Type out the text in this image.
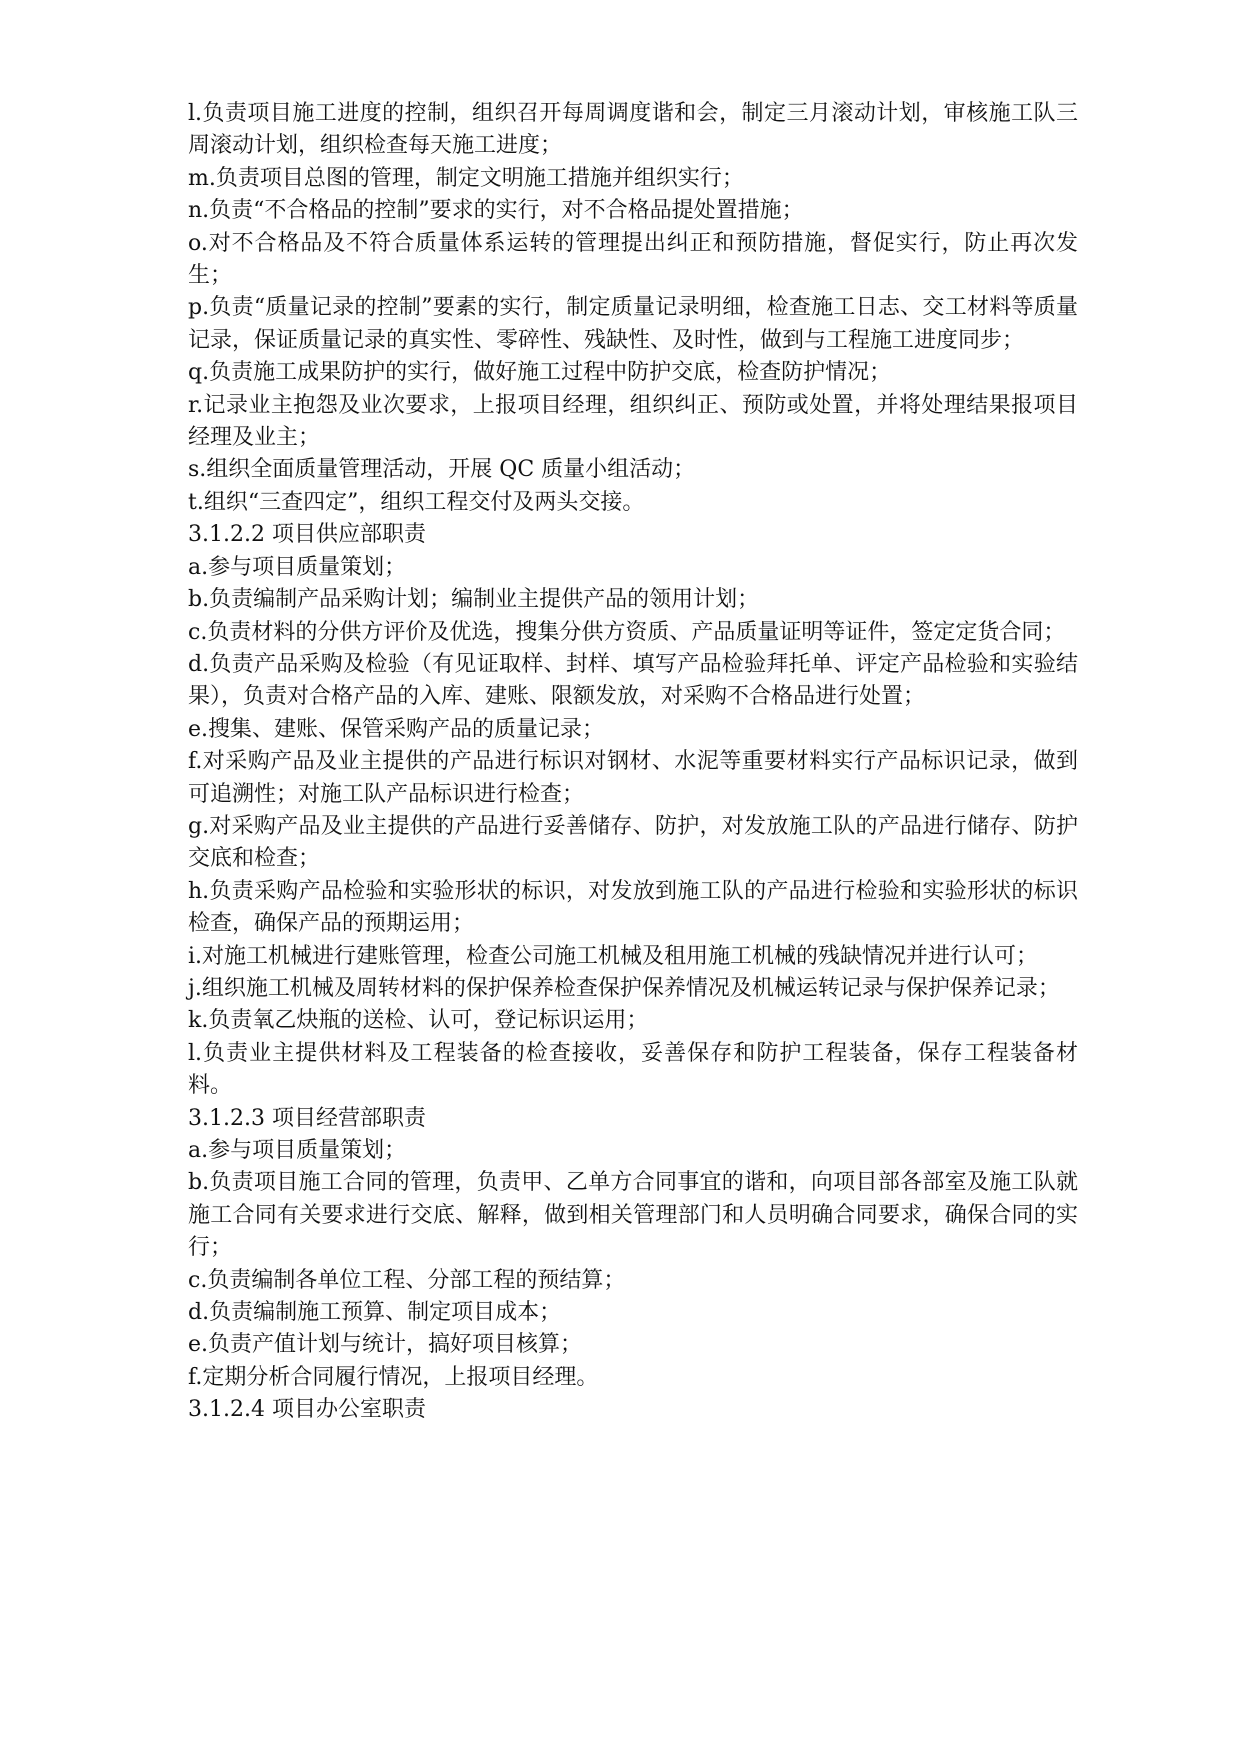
l.负责项目施工进度的控制，组织召开每周调度谐和会，制定三月滚动计划，审核施工队三周滚动计划，组织检查每天施工进度；

m.负责项目总图的管理，制定文明施工措施并组织实行；

n.负责“不合格品的控制”要求的实行，对不合格品提处置措施；

o.对不合格品及不符合质量体系运转的管理提出纠正和预防措施，督促实行，防止再次发生；

p.负责“质量记录的控制”要素的实行，制定质量记录明细，检查施工日志、交工材料等质量记录，保证质量记录的真实性、零碎性、残缺性、及时性，做到与工程施工进度同步；

q.负责施工成果防护的实行，做好施工过程中防护交底，检查防护情况；

r.记录业主抱怨及业次要求，上报项目经理，组织纠正、预防或处置，并将处理结果报项目经理及业主；

s.组织全面质量管理活动，开展 QC 质量小组活动；

t.组织“三查四定”，组织工程交付及两头交接。

3.1.2.2 项目供应部职责

a.参与项目质量策划；

b.负责编制产品采购计划；编制业主提供产品的领用计划；

c.负责材料的分供方评价及优选，搜集分供方资质、产品质量证明等证件，签定定货合同；

d.负责产品采购及检验（有见证取样、封样、填写产品检验拜托单、评定产品检验和实验结果），负责对合格产品的入库、建账、限额发放，对采购不合格品进行处置；

e.搜集、建账、保管采购产品的质量记录；

f.对采购产品及业主提供的产品进行标识对钢材、水泥等重要材料实行产品标识记录，做到可追溯性；对施工队产品标识进行检查；

g.对采购产品及业主提供的产品进行妥善储存、防护，对发放施工队的产品进行储存、防护交底和检查；

h.负责采购产品检验和实验形状的标识，对发放到施工队的产品进行检验和实验形状的标识检查，确保产品的预期运用；

i.对施工机械进行建账管理，检查公司施工机械及租用施工机械的残缺情况并进行认可；

j.组织施工机械及周转材料的保护保养检查保护保养情况及机械运转记录与保护保养记录；

k.负责氧乙炔瓶的送检、认可，登记标识运用；

l.负责业主提供材料及工程装备的检查接收，妥善保存和防护工程装备，保存工程装备材料。

3.1.2.3 项目经营部职责

a.参与项目质量策划；

b.负责项目施工合同的管理，负责甲、乙单方合同事宜的谐和，向项目部各部室及施工队就施工合同有关要求进行交底、解释，做到相关管理部门和人员明确合同要求，确保合同的实行；

c.负责编制各单位工程、分部工程的预结算；

d.负责编制施工预算、制定项目成本；

e.负责产值计划与统计，搞好项目核算；

f.定期分析合同履行情况，上报项目经理。

3.1.2.4 项目办公室职责
